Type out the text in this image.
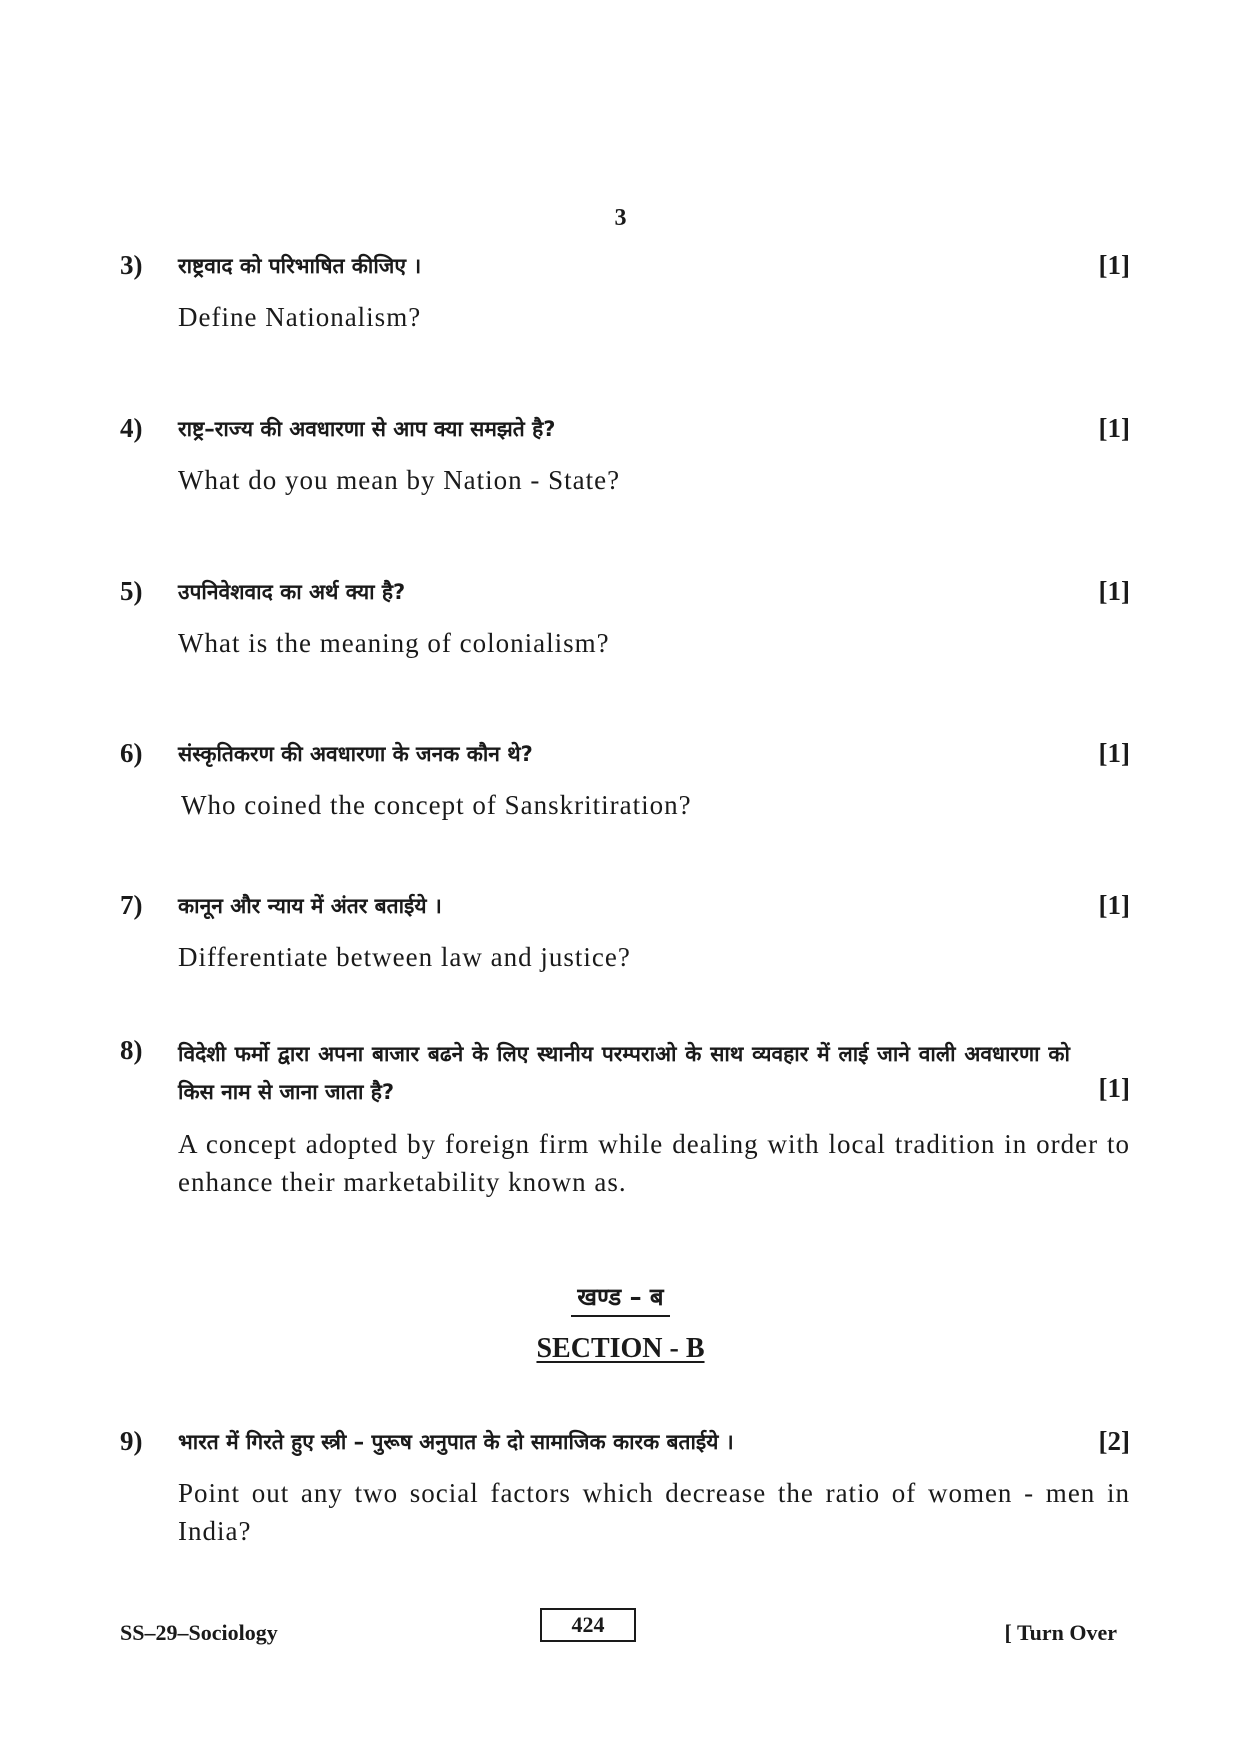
3
3)	राष्ट्रवाद को परिभाषित कीजिए ।	[1]
Define Nationalism?
4)	राष्ट्र–राज्य की अवधारणा से आप क्या समझते है?	[1]
What do you mean by Nation - State?
5)	उपनिवेशवाद का अर्थ क्या है?	[1]
What is the meaning of colonialism?
6)	संस्कृतिकरण की अवधारणा के जनक कौन थे?	[1]
Who coined the concept of Sanskritiration?
7)	कानून और न्याय में अंतर बताईये ।	[1]
Differentiate between law and justice?
8)	विदेशी फर्मो द्वारा अपना बाजार बढने के लिए स्थानीय परम्पराओ के साथ व्यवहार में लाई जाने वाली अवधारणा को किस नाम से जाना जाता है?	[1]
A concept adopted by foreign firm while dealing with local tradition in order to enhance their marketability known as.
खण्ड – ब
SECTION - B
9)	भारत में गिरते हुए स्त्री – पुरूष अनुपात के दो सामाजिक कारक बताईये ।	[2]
Point out any two social factors which decrease the ratio of women - men in India?
SS–29–Sociology	424	[ Turn Over
